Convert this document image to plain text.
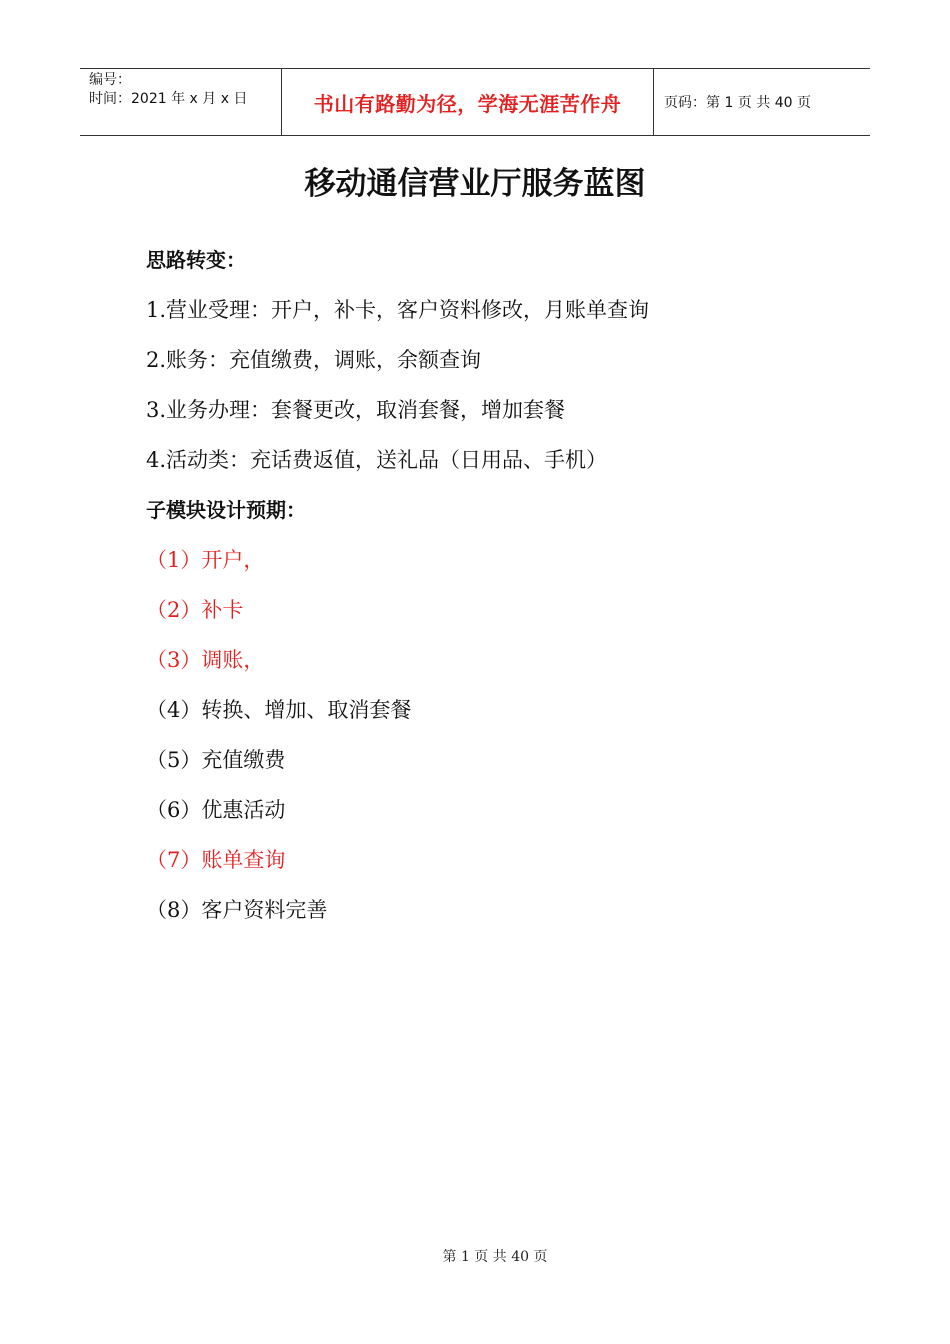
编号：
时间：2021 年 x 月 x 日	书山有路勤为径，学海无涯苦作舟	页码：第 1 页 共 40 页
移动通信营业厅服务蓝图
思路转变：
1.营业受理：开户，补卡，客户资料修改，月账单查询
2.账务：充值缴费，调账，余额查询
3.业务办理：套餐更改，取消套餐，增加套餐
4.活动类：充话费返值，送礼品（日用品、手机）
子模块设计预期：
（1）开户，
（2）补卡
（3）调账，
（4）转换、增加、取消套餐
（5）充值缴费
（6）优惠活动
（7）账单查询
（8）客户资料完善
第 1 页 共 40 页
